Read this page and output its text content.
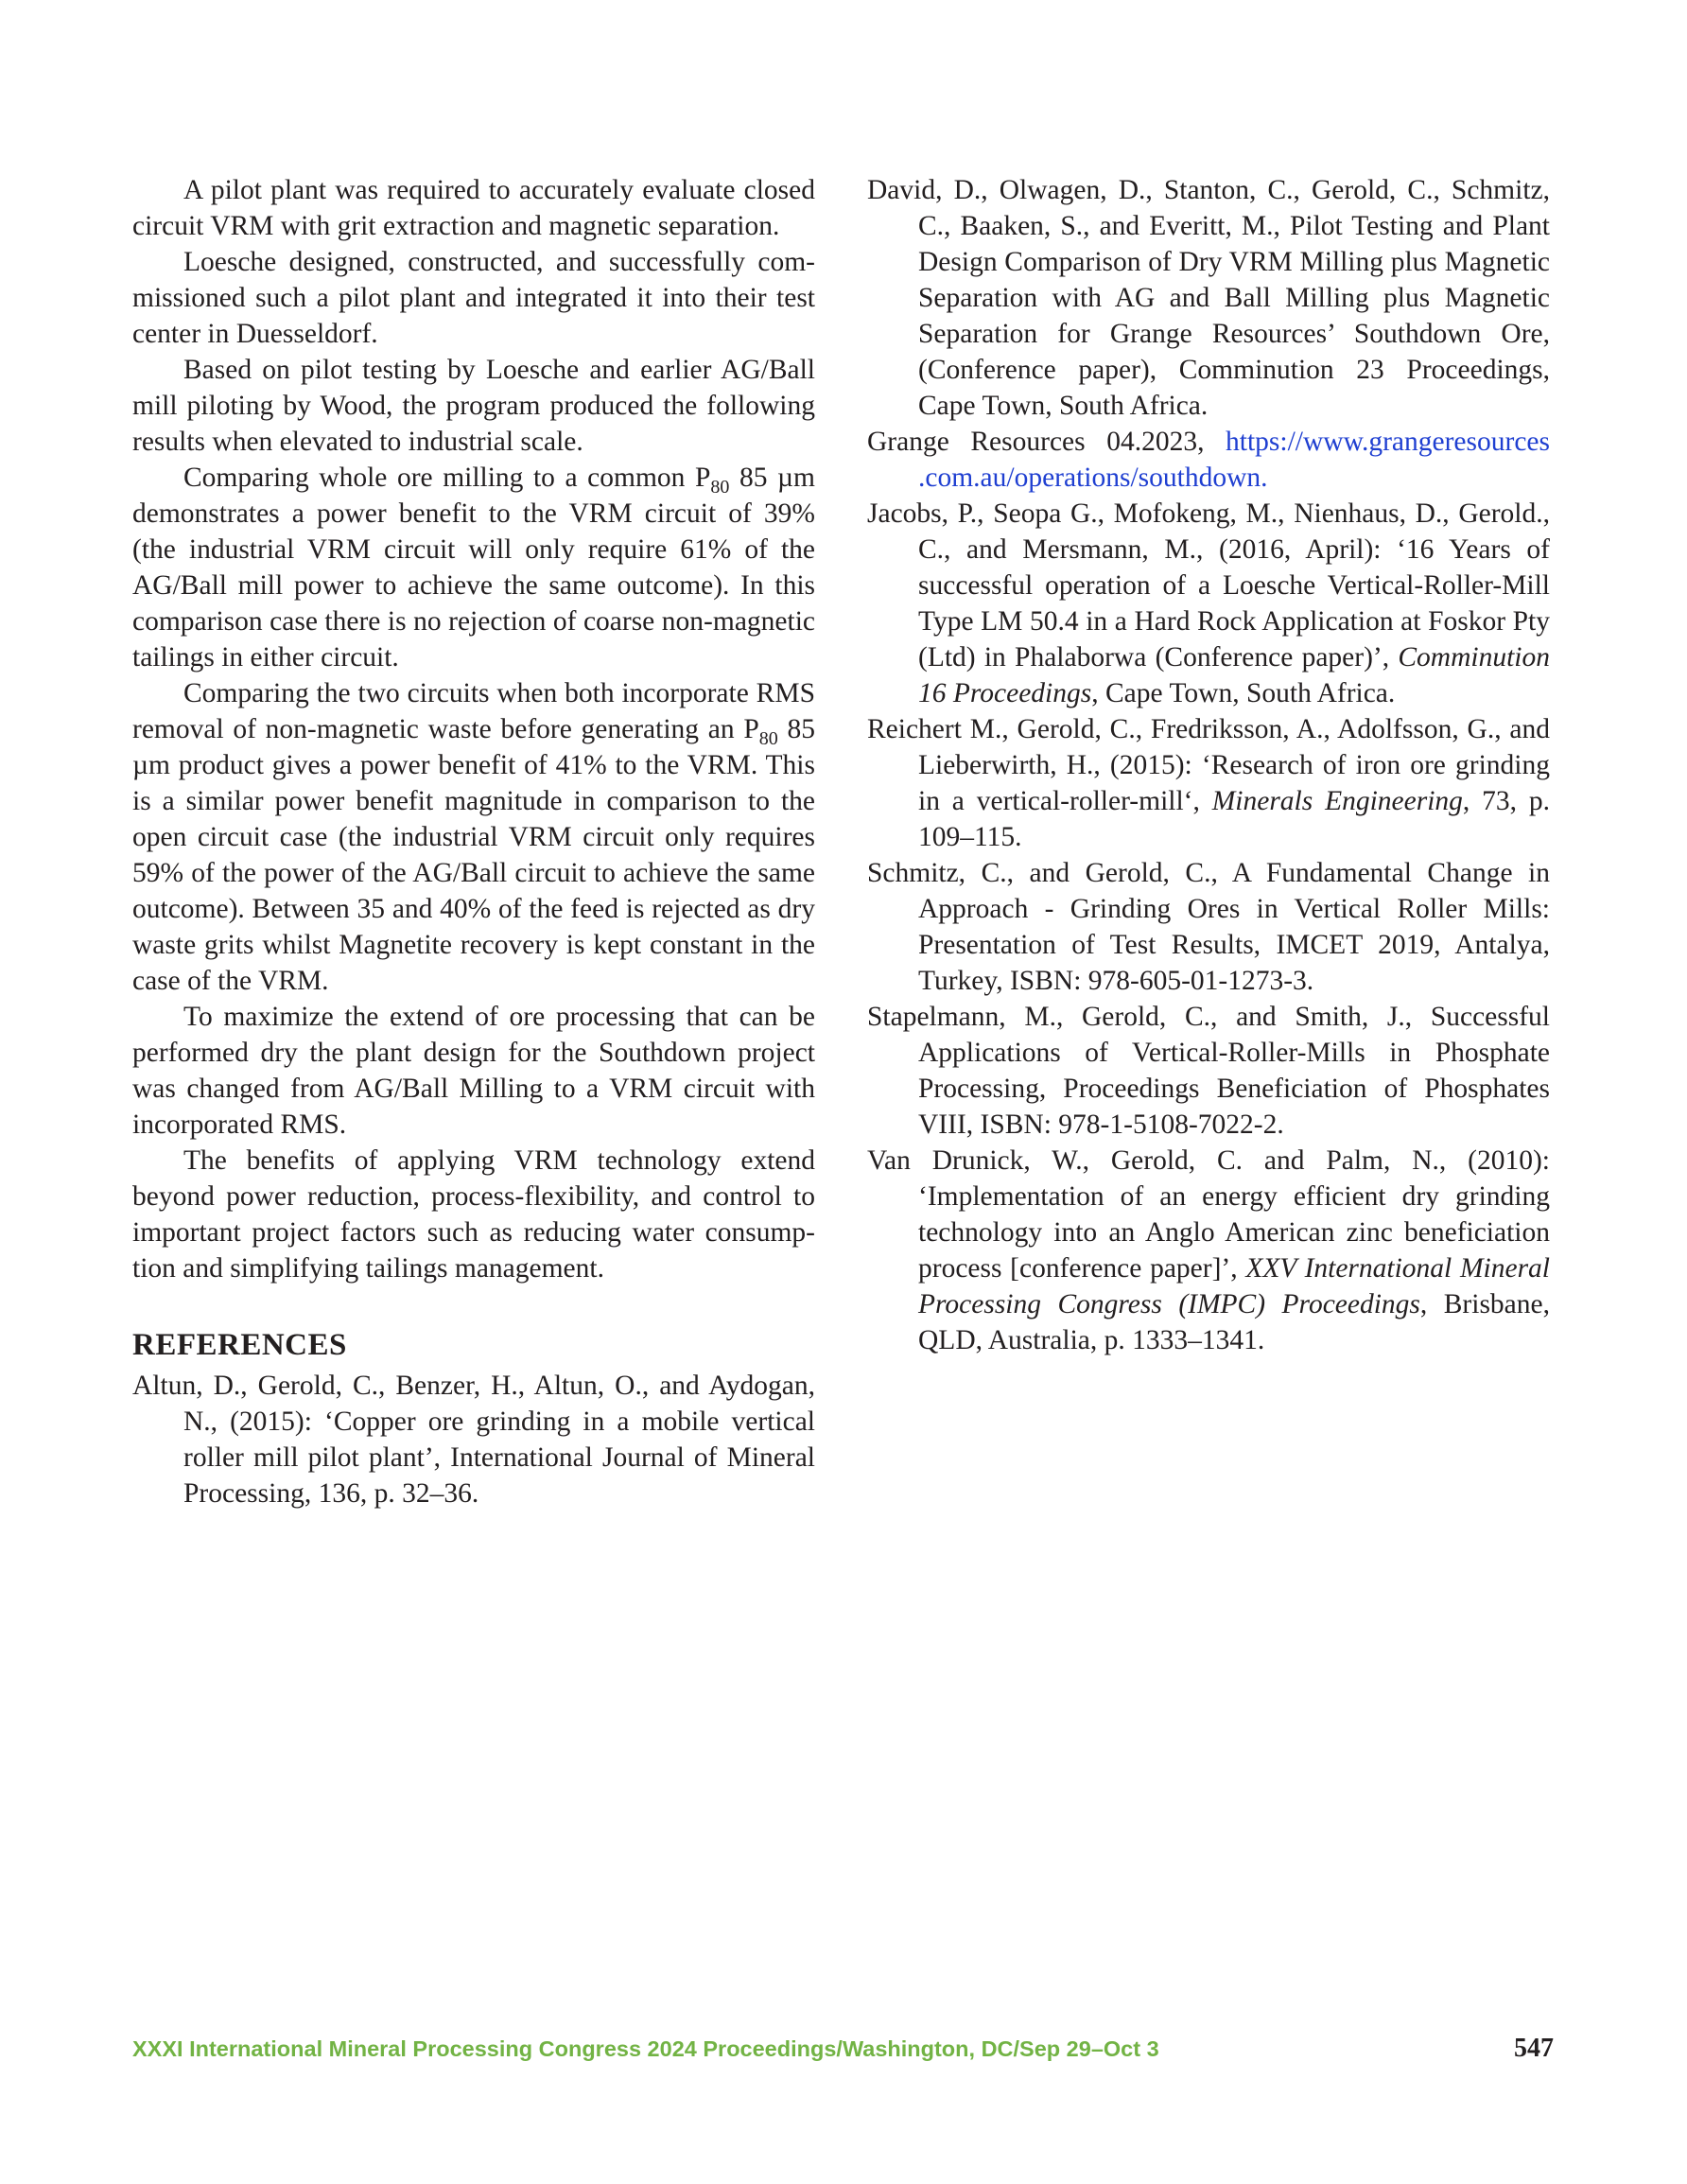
A pilot plant was required to accurately evaluate closed circuit VRM with grit extraction and magnetic separation.

Loesche designed, constructed, and successfully commissioned such a pilot plant and integrated it into their test center in Duesseldorf.

Based on pilot testing by Loesche and earlier AG/Ball mill piloting by Wood, the program produced the following results when elevated to industrial scale.

Comparing whole ore milling to a common $P_{80}$ 85 µm demonstrates a power benefit to the VRM circuit of 39% (the industrial VRM circuit will only require 61% of the AG/Ball mill power to achieve the same outcome). In this comparison case there is no rejection of coarse non-magnetic tailings in either circuit.

Comparing the two circuits when both incorporate RMS removal of non-magnetic waste before generating an $P_{80}$ 85 µm product gives a power benefit of 41% to the VRM. This is a similar power benefit magnitude in comparison to the open circuit case (the industrial VRM circuit only requires 59% of the power of the AG/Ball circuit to achieve the same outcome). Between 35 and 40% of the feed is rejected as dry waste grits whilst Magnetite recovery is kept constant in the case of the VRM.

To maximize the extend of ore processing that can be performed dry the plant design for the Southdown project was changed from AG/Ball Milling to a VRM circuit with incorporated RMS.

The benefits of applying VRM technology extend beyond power reduction, process-flexibility, and control to important project factors such as reducing water consumption and simplifying tailings management.

REFERENCES

Altun, D., Gerold, C., Benzer, H., Altun, O., and Aydogan, N., (2015): ‘Copper ore grinding in a mobile vertical roller mill pilot plant’, International Journal of Mineral Processing, 136, p. 32–36.

David, D., Olwagen, D., Stanton, C., Gerold, C., Schmitz, C., Baaken, S., and Everitt, M., Pilot Testing and Plant Design Comparison of Dry VRM Milling plus Magnetic Separation with AG and Ball Milling plus Magnetic Separation for Grange Resources’ Southdown Ore, (Conference paper), Comminution 23 Proceedings, Cape Town, South Africa.

Grange Resources 04.2023, https://www.grangeresources .com.au/operations/southdown.

Jacobs, P., Seopa G., Mofokeng, M., Nienhaus, D., Gerold., C., and Mersmann, M., (2016, April): ‘16 Years of successful operation of a Loesche Vertical-Roller-Mill Type LM 50.4 in a Hard Rock Application at Foskor Pty (Ltd) in Phalaborwa (Conference paper)’, Comminution 16 Proceedings, Cape Town, South Africa.

Reichert M., Gerold, C., Fredriksson, A., Adolfsson, G., and Lieberwirth, H., (2015): ‘Research of iron ore grinding in a vertical-roller-mill‘, Minerals Engineering, 73, p. 109–115.

Schmitz, C., and Gerold, C., A Fundamental Change in Approach - Grinding Ores in Vertical Roller Mills: Presentation of Test Results, IMCET 2019, Antalya, Turkey, ISBN: 978-605-01-1273-3.

Stapelmann, M., Gerold, C., and Smith, J., Successful Applications of Vertical-Roller-Mills in Phosphate Processing, Proceedings Beneficiation of Phosphates VIII, ISBN: 978-1-5108-7022-2.

Van Drunick, W., Gerold, C. and Palm, N., (2010): ‘Implementation of an energy efficient dry grinding technology into an Anglo American zinc beneficiation process [conference paper]’, XXV International Mineral Processing Congress (IMPC) Proceedings, Brisbane, QLD, Australia, p. 1333–1341.

XXXI International Mineral Processing Congress 2024 Proceedings/Washington, DC/Sep 29–Oct 3	547
